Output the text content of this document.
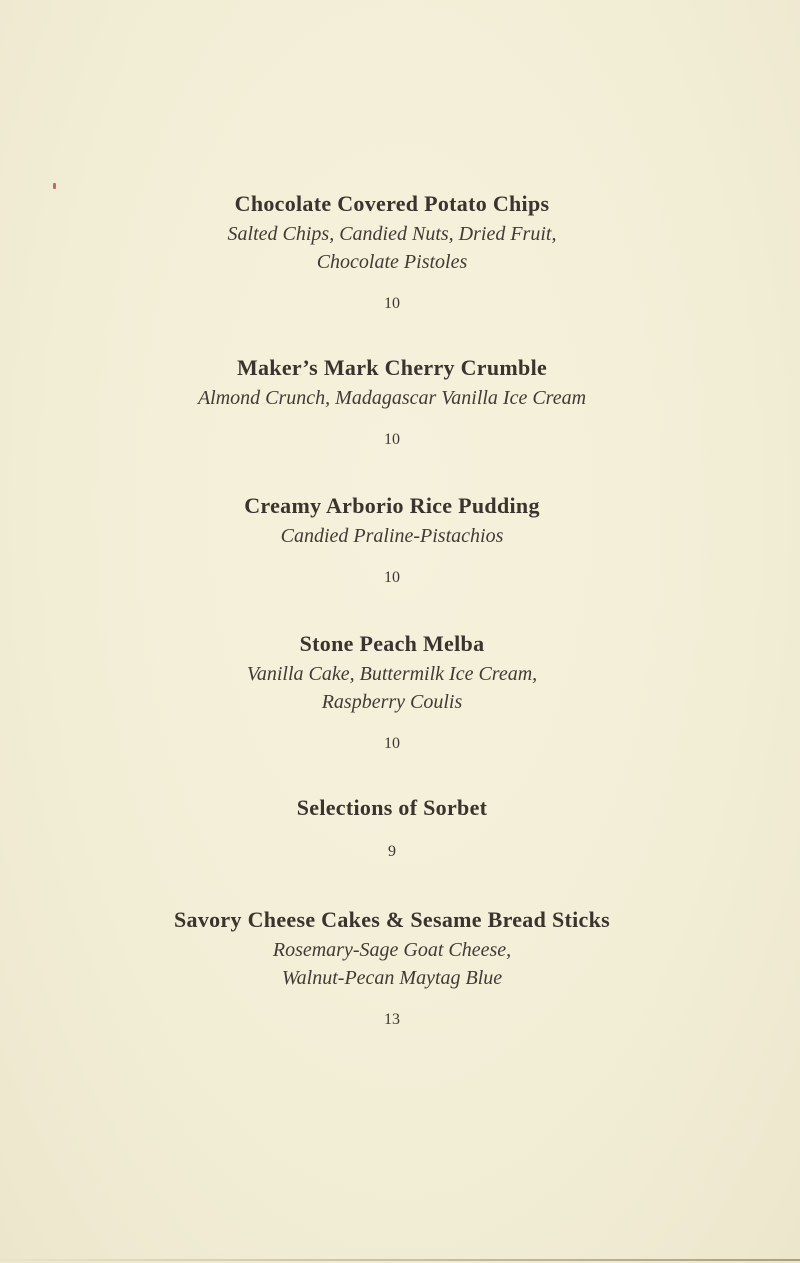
Chocolate Covered Potato Chips
Salted Chips, Candied Nuts, Dried Fruit,
Chocolate Pistoles
10
Maker’s Mark Cherry Crumble
Almond Crunch, Madagascar Vanilla Ice Cream
10
Creamy Arborio Rice Pudding
Candied Praline-Pistachios
10
Stone Peach Melba
Vanilla Cake, Buttermilk Ice Cream,
Raspberry Coulis
10
Selections of Sorbet
9
Savory Cheese Cakes & Sesame Bread Sticks
Rosemary-Sage Goat Cheese,
Walnut-Pecan Maytag Blue
13
